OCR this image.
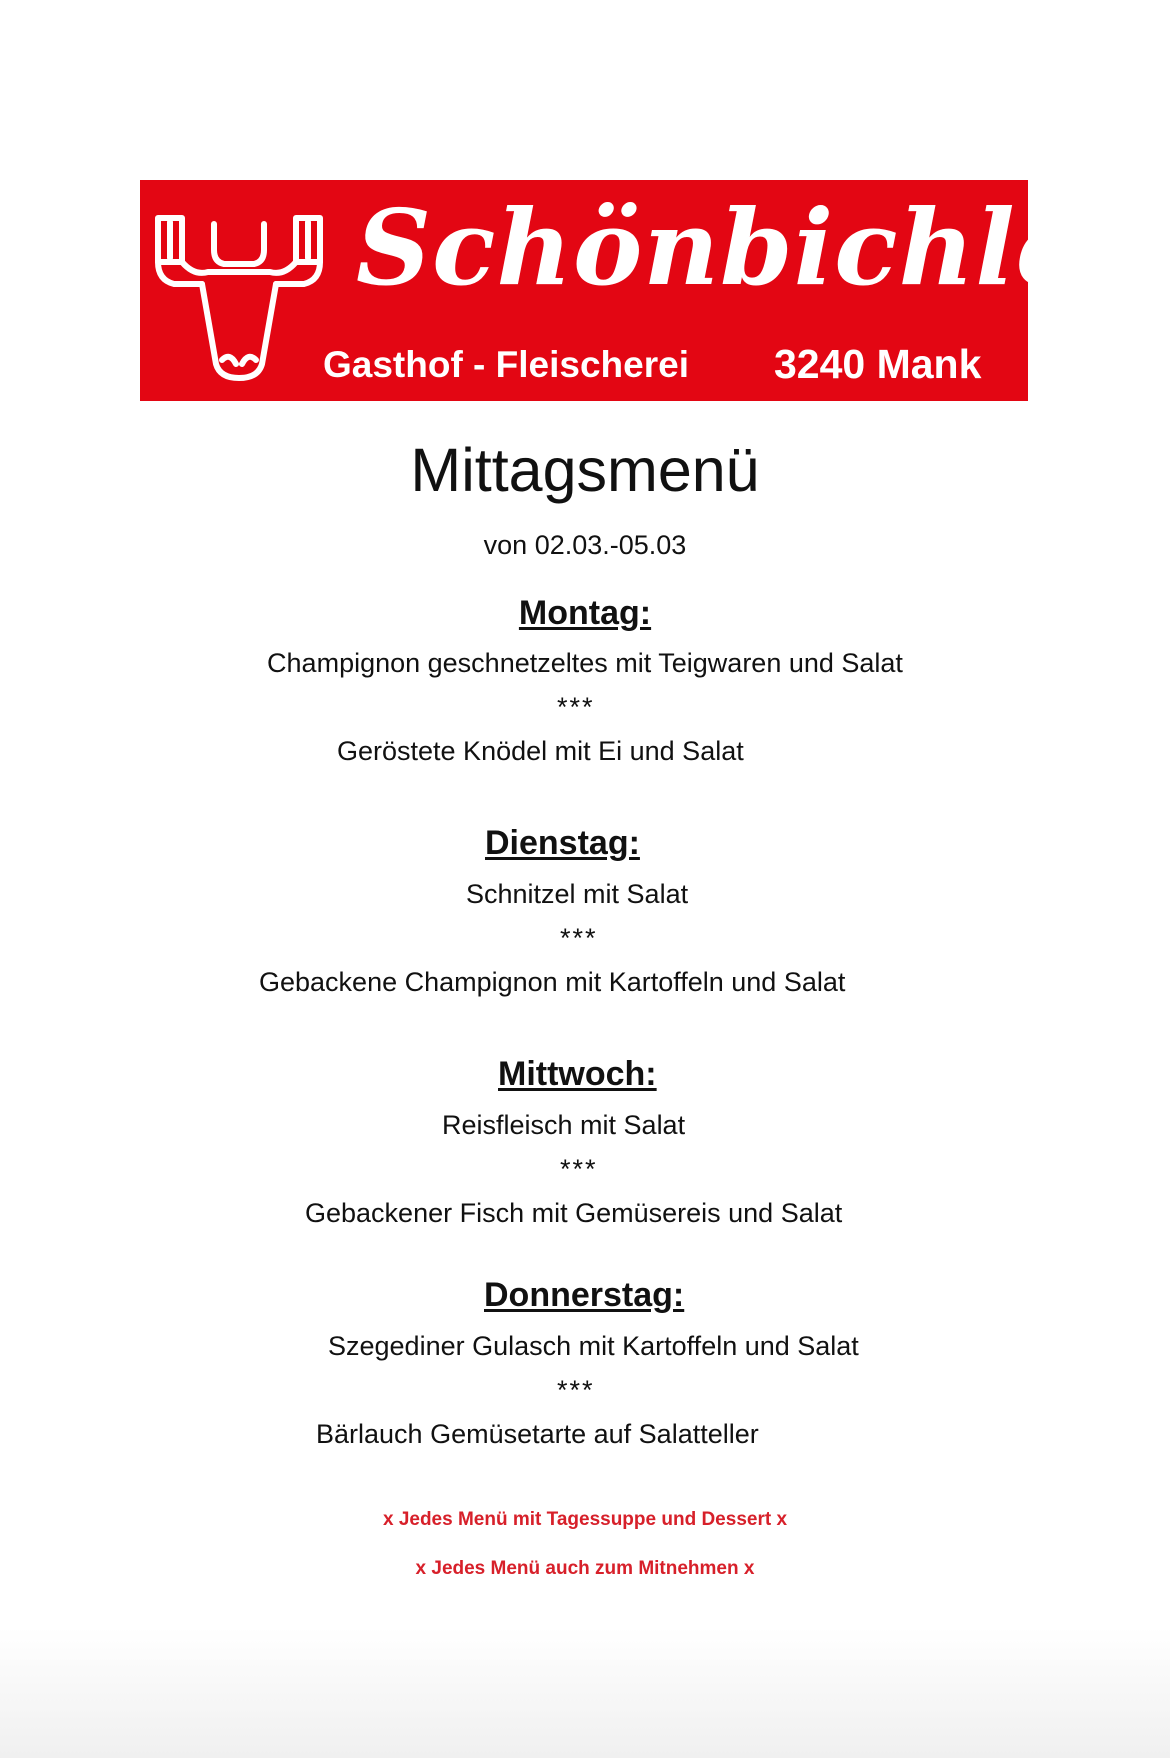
Schönbichler
Gasthof - Fleischerei 3240 Mank
Mittagsmenü
von 02.03.-05.03
Montag:
Champignon geschnetzeltes mit Teigwaren und Salat
***
Geröstete Knödel mit Ei und Salat
Dienstag:
Schnitzel mit Salat
***
Gebackene Champignon mit Kartoffeln und Salat
Mittwoch:
Reisfleisch mit Salat
***
Gebackener Fisch mit Gemüsereis und Salat
Donnerstag:
Szegediner Gulasch mit Kartoffeln und Salat
***
Bärlauch Gemüsetarte auf Salatteller
x Jedes Menü mit Tagessuppe und Dessert x
x Jedes Menü auch zum Mitnehmen x
